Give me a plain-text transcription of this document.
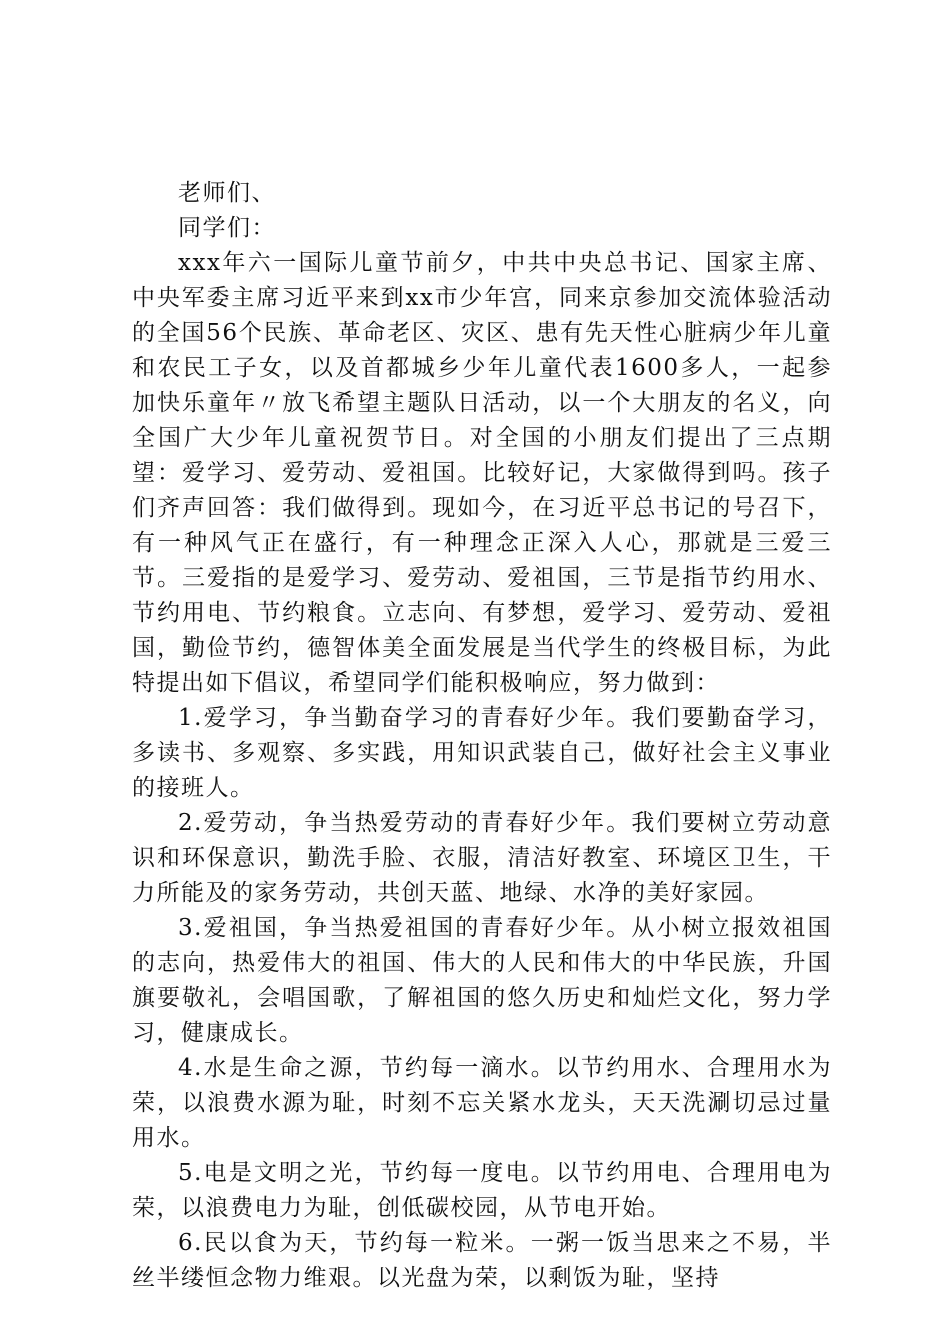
老师们、

同学们：

xxx年六一国际儿童节前夕，中共中央总书记、国家主席、中央军委主席习近平来到xx市少年宫，同来京参加交流体验活动的全国56个民族、革命老区、灾区、患有先天性心脏病少年儿童和农民工子女，以及首都城乡少年儿童代表1600多人，一起参加快乐童年〃放飞希望主题队日活动，以一个大朋友的名义，向全国广大少年儿童祝贺节日。对全国的小朋友们提出了三点期望：爱学习、爱劳动、爱祖国。比较好记，大家做得到吗。孩子们齐声回答：我们做得到。现如今，在习近平总书记的号召下，有一种风气正在盛行，有一种理念正深入人心，那就是三爱三节。三爱指的是爱学习、爱劳动、爱祖国，三节是指节约用水、节约用电、节约粮食。立志向、有梦想，爱学习、爱劳动、爱祖国，勤俭节约，德智体美全面发展是当代学生的终极目标，为此特提出如下倡议，希望同学们能积极响应，努力做到：

1.爱学习，争当勤奋学习的青春好少年。我们要勤奋学习，多读书、多观察、多实践，用知识武装自己，做好社会主义事业的接班人。

2.爱劳动，争当热爱劳动的青春好少年。我们要树立劳动意识和环保意识，勤洗手脸、衣服，清洁好教室、环境区卫生，干力所能及的家务劳动，共创天蓝、地绿、水净的美好家园。

3.爱祖国，争当热爱祖国的青春好少年。从小树立报效祖国的志向，热爱伟大的祖国、伟大的人民和伟大的中华民族，升国旗要敬礼，会唱国歌，了解祖国的悠久历史和灿烂文化，努力学习，健康成长。

4.水是生命之源，节约每一滴水。以节约用水、合理用水为荣，以浪费水源为耻，时刻不忘关紧水龙头，天天洗涮切忌过量用水。

5.电是文明之光，节约每一度电。以节约用电、合理用电为荣，以浪费电力为耻，创低碳校园，从节电开始。

6.民以食为天，节约每一粒米。一粥一饭当思来之不易，半丝半缕恒念物力维艰。以光盘为荣，以剩饭为耻，坚持
